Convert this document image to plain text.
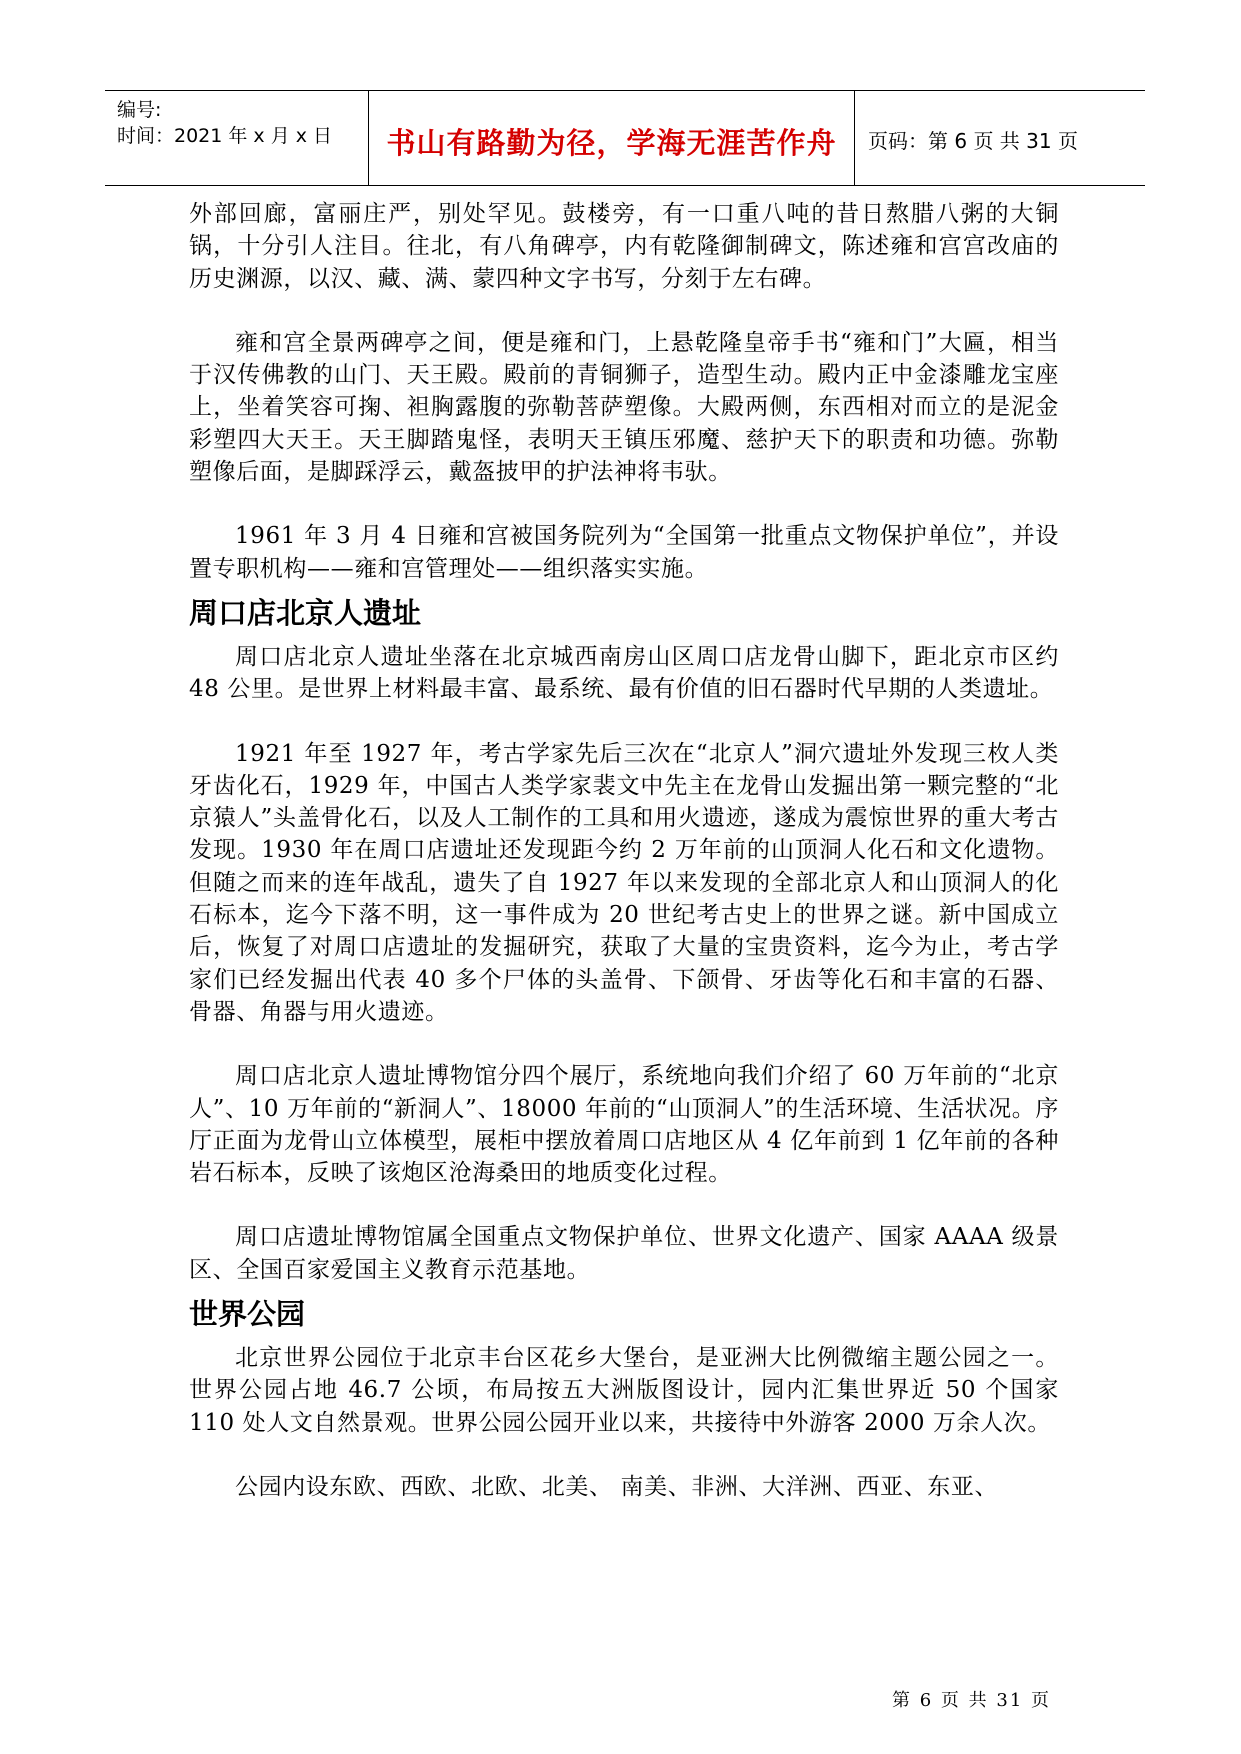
编号:
时间：2021 年 x 月 x 日	书山有路勤为径，学海无涯苦作舟	页码：第 6 页 共 31 页

外部回廊，富丽庄严，别处罕见。鼓楼旁，有一口重八吨的昔日熬腊八粥的大铜锅，十分引人注目。往北，有八角碑亭，内有乾隆御制碑文，陈述雍和宫宫改庙的历史渊源，以汉、藏、满、蒙四种文字书写，分刻于左右碑。

雍和宫全景两碑亭之间，便是雍和门，上悬乾隆皇帝手书“雍和门”大匾，相当于汉传佛教的山门、天王殿。殿前的青铜狮子，造型生动。殿内正中金漆雕龙宝座上，坐着笑容可掬、袒胸露腹的弥勒菩萨塑像。大殿两侧，东西相对而立的是泥金彩塑四大天王。天王脚踏鬼怪，表明天王镇压邪魔、慈护天下的职责和功德。弥勒塑像后面，是脚踩浮云，戴盔披甲的护法神将韦驮。

1961 年 3 月 4 日雍和宫被国务院列为“全国第一批重点文物保护单位”，并设置专职机构——雍和宫管理处——组织落实实施。

周口店北京人遗址

周口店北京人遗址坐落在北京城西南房山区周口店龙骨山脚下，距北京市区约 48 公里。是世界上材料最丰富、最系统、最有价值的旧石器时代早期的人类遗址。

1921 年至 1927 年，考古学家先后三次在“北京人”洞穴遗址外发现三枚人类牙齿化石，1929 年，中国古人类学家裴文中先主在龙骨山发掘出第一颗完整的“北京猿人”头盖骨化石，以及人工制作的工具和用火遗迹，遂成为震惊世界的重大考古发现。1930 年在周口店遗址还发现距今约 2 万年前的山顶洞人化石和文化遗物。但随之而来的连年战乱，遗失了自 1927 年以来发现的全部北京人和山顶洞人的化石标本，迄今下落不明，这一事件成为 20 世纪考古史上的世界之谜。新中国成立后，恢复了对周口店遗址的发掘研究，获取了大量的宝贵资料，迄今为止，考古学家们已经发掘出代表 40 多个尸体的头盖骨、下颌骨、牙齿等化石和丰富的石器、骨器、角器与用火遗迹。

周口店北京人遗址博物馆分四个展厅，系统地向我们介绍了 60 万年前的“北京人”、10 万年前的“新洞人”、18000 年前的“山顶洞人”的生活环境、生活状况。序厅正面为龙骨山立体模型，展柜中摆放着周口店地区从 4 亿年前到 1 亿年前的各种岩石标本，反映了该炮区沧海桑田的地质变化过程。

周口店遗址博物馆属全国重点文物保护单位、世界文化遗产、国家 AAAA 级景区、全国百家爱国主义教育示范基地。

世界公园

北京世界公园位于北京丰台区花乡大堡台，是亚洲大比例微缩主题公园之一。世界公园占地 46.7 公顷，布局按五大洲版图设计，园内汇集世界近 50 个国家 110 处人文自然景观。世界公园公园开业以来，共接待中外游客 2000 万余人次。

公园内设东欧、西欧、北欧、北美、 南美、非洲、大洋洲、西亚、东亚、

第 6 页 共 31 页
